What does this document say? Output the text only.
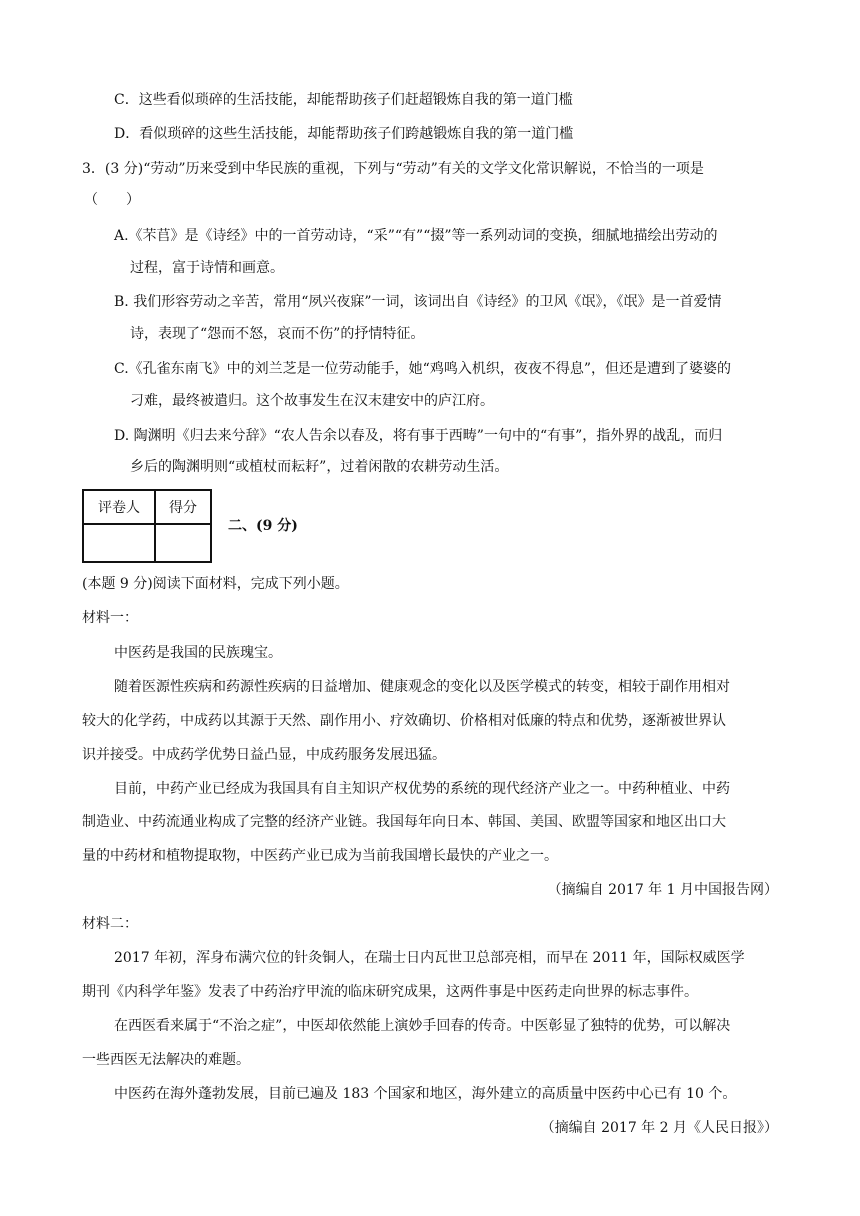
C．这些看似琐碎的生活技能，却能帮助孩子们赶超锻炼自我的第一道门槛
D．看似琐碎的这些生活技能，却能帮助孩子们跨越锻炼自我的第一道门槛
3．(3 分)“劳动”历来受到中华民族的重视，下列与“劳动”有关的文学文化常识解说，不恰当的一项是
（　　）
A.《芣苢》是《诗经》中的一首劳动诗，“采”“有”“掇”等一系列动词的变换，细腻地描绘出劳动的
过程，富于诗情和画意。
B. 我们形容劳动之辛苦，常用“夙兴夜寐”一词，该词出自《诗经》的卫风《氓》，《氓》是一首爱情
诗，表现了“怨而不怒，哀而不伤”的抒情特征。
C.《孔雀东南飞》中的刘兰芝是一位劳动能手，她“鸡鸣入机织，夜夜不得息”，但还是遭到了婆婆的
刁难，最终被遣归。这个故事发生在汉末建安中的庐江府。
D. 陶渊明《归去来兮辞》“农人告余以春及，将有事于西畴”一句中的“有事”，指外界的战乱，而归
乡后的陶渊明则“或植杖而耘耔”，过着闲散的农耕劳动生活。
评卷人	得分

二、(9 分)
(本题 9 分)阅读下面材料，完成下列小题。
材料一：
中医药是我国的民族瑰宝。
随着医源性疾病和药源性疾病的日益增加、健康观念的变化以及医学模式的转变，相较于副作用相对
较大的化学药，中成药以其源于天然、副作用小、疗效确切、价格相对低廉的特点和优势，逐渐被世界认
识并接受。中成药学优势日益凸显，中成药服务发展迅猛。
目前，中药产业已经成为我国具有自主知识产权优势的系统的现代经济产业之一。中药种植业、中药
制造业、中药流通业构成了完整的经济产业链。我国每年向日本、韩国、美国、欧盟等国家和地区出口大
量的中药材和植物提取物，中医药产业已成为当前我国增长最快的产业之一。
（摘编自 2017 年 1 月中国报告网）
材料二：
2017 年初，浑身布满穴位的针灸铜人，在瑞士日内瓦世卫总部亮相，而早在 2011 年，国际权威医学
期刊《内科学年鉴》发表了中药治疗甲流的临床研究成果，这两件事是中医药走向世界的标志事件。
在西医看来属于“不治之症”，中医却依然能上演妙手回春的传奇。中医彰显了独特的优势，可以解决
一些西医无法解决的难题。
中医药在海外蓬勃发展，目前已遍及 183 个国家和地区，海外建立的高质量中医药中心已有 10 个。
（摘编自 2017 年 2 月《人民日报》）
